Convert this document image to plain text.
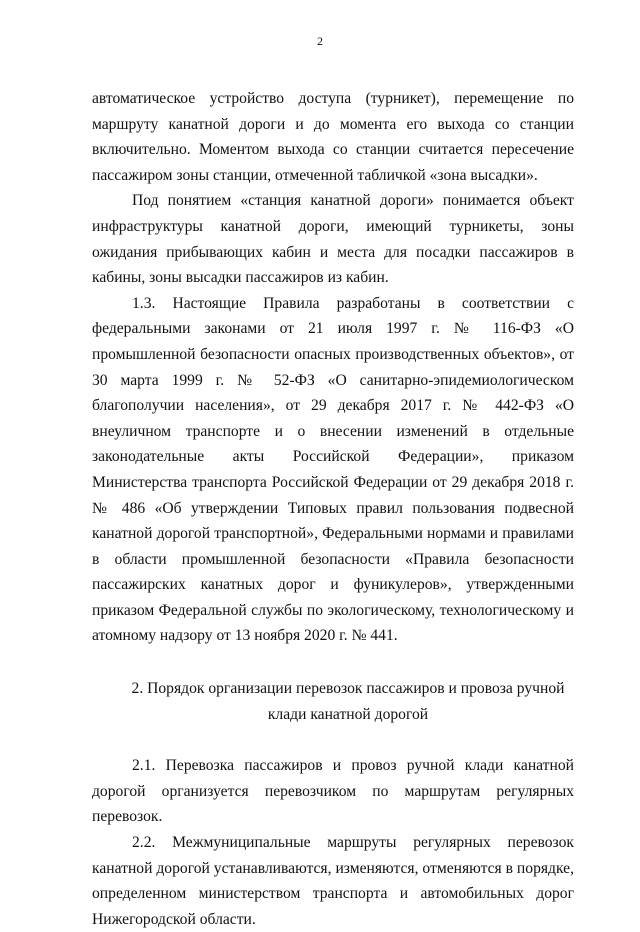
2

автоматическое устройство доступа (турникет), перемещение по маршруту канатной дороги и до момента его выхода со станции включительно. Моментом выхода со станции считается пересечение пассажиром зоны станции, отмеченной табличкой «зона высадки».

Под понятием «станция канатной дороги» понимается объект инфраструктуры канатной дороги, имеющий турникеты, зоны ожидания прибывающих кабин и места для посадки пассажиров в кабины, зоны высадки пассажиров из кабин.

1.3. Настоящие Правила разработаны в соответствии с федеральными законами от 21 июля 1997 г. № 116-ФЗ «О промышленной безопасности опасных производственных объектов», от 30 марта 1999 г. № 52-ФЗ «О санитарно-эпидемиологическом благополучии населения», от 29 декабря 2017 г. № 442-ФЗ «О внеуличном транспорте и о внесении изменений в отдельные законодательные акты Российской Федерации», приказом Министерства транспорта Российской Федерации от 29 декабря 2018 г. № 486 «Об утверждении Типовых правил пользования подвесной канатной дорогой транспортной», Федеральными нормами и правилами в области промышленной безопасности «Правила безопасности пассажирских канатных дорог и фуникулеров», утвержденными приказом Федеральной службы по экологическому, технологическому и атомному надзору от 13 ноября 2020 г. № 441.

2. Порядок организации перевозок пассажиров и провоза ручной клади канатной дорогой

2.1. Перевозка пассажиров и провоз ручной клади канатной дорогой организуется перевозчиком по маршрутам регулярных перевозок.

2.2. Межмуниципальные маршруты регулярных перевозок канатной дорогой устанавливаются, изменяются, отменяются в порядке, определенном министерством транспорта и автомобильных дорог Нижегородской области.
